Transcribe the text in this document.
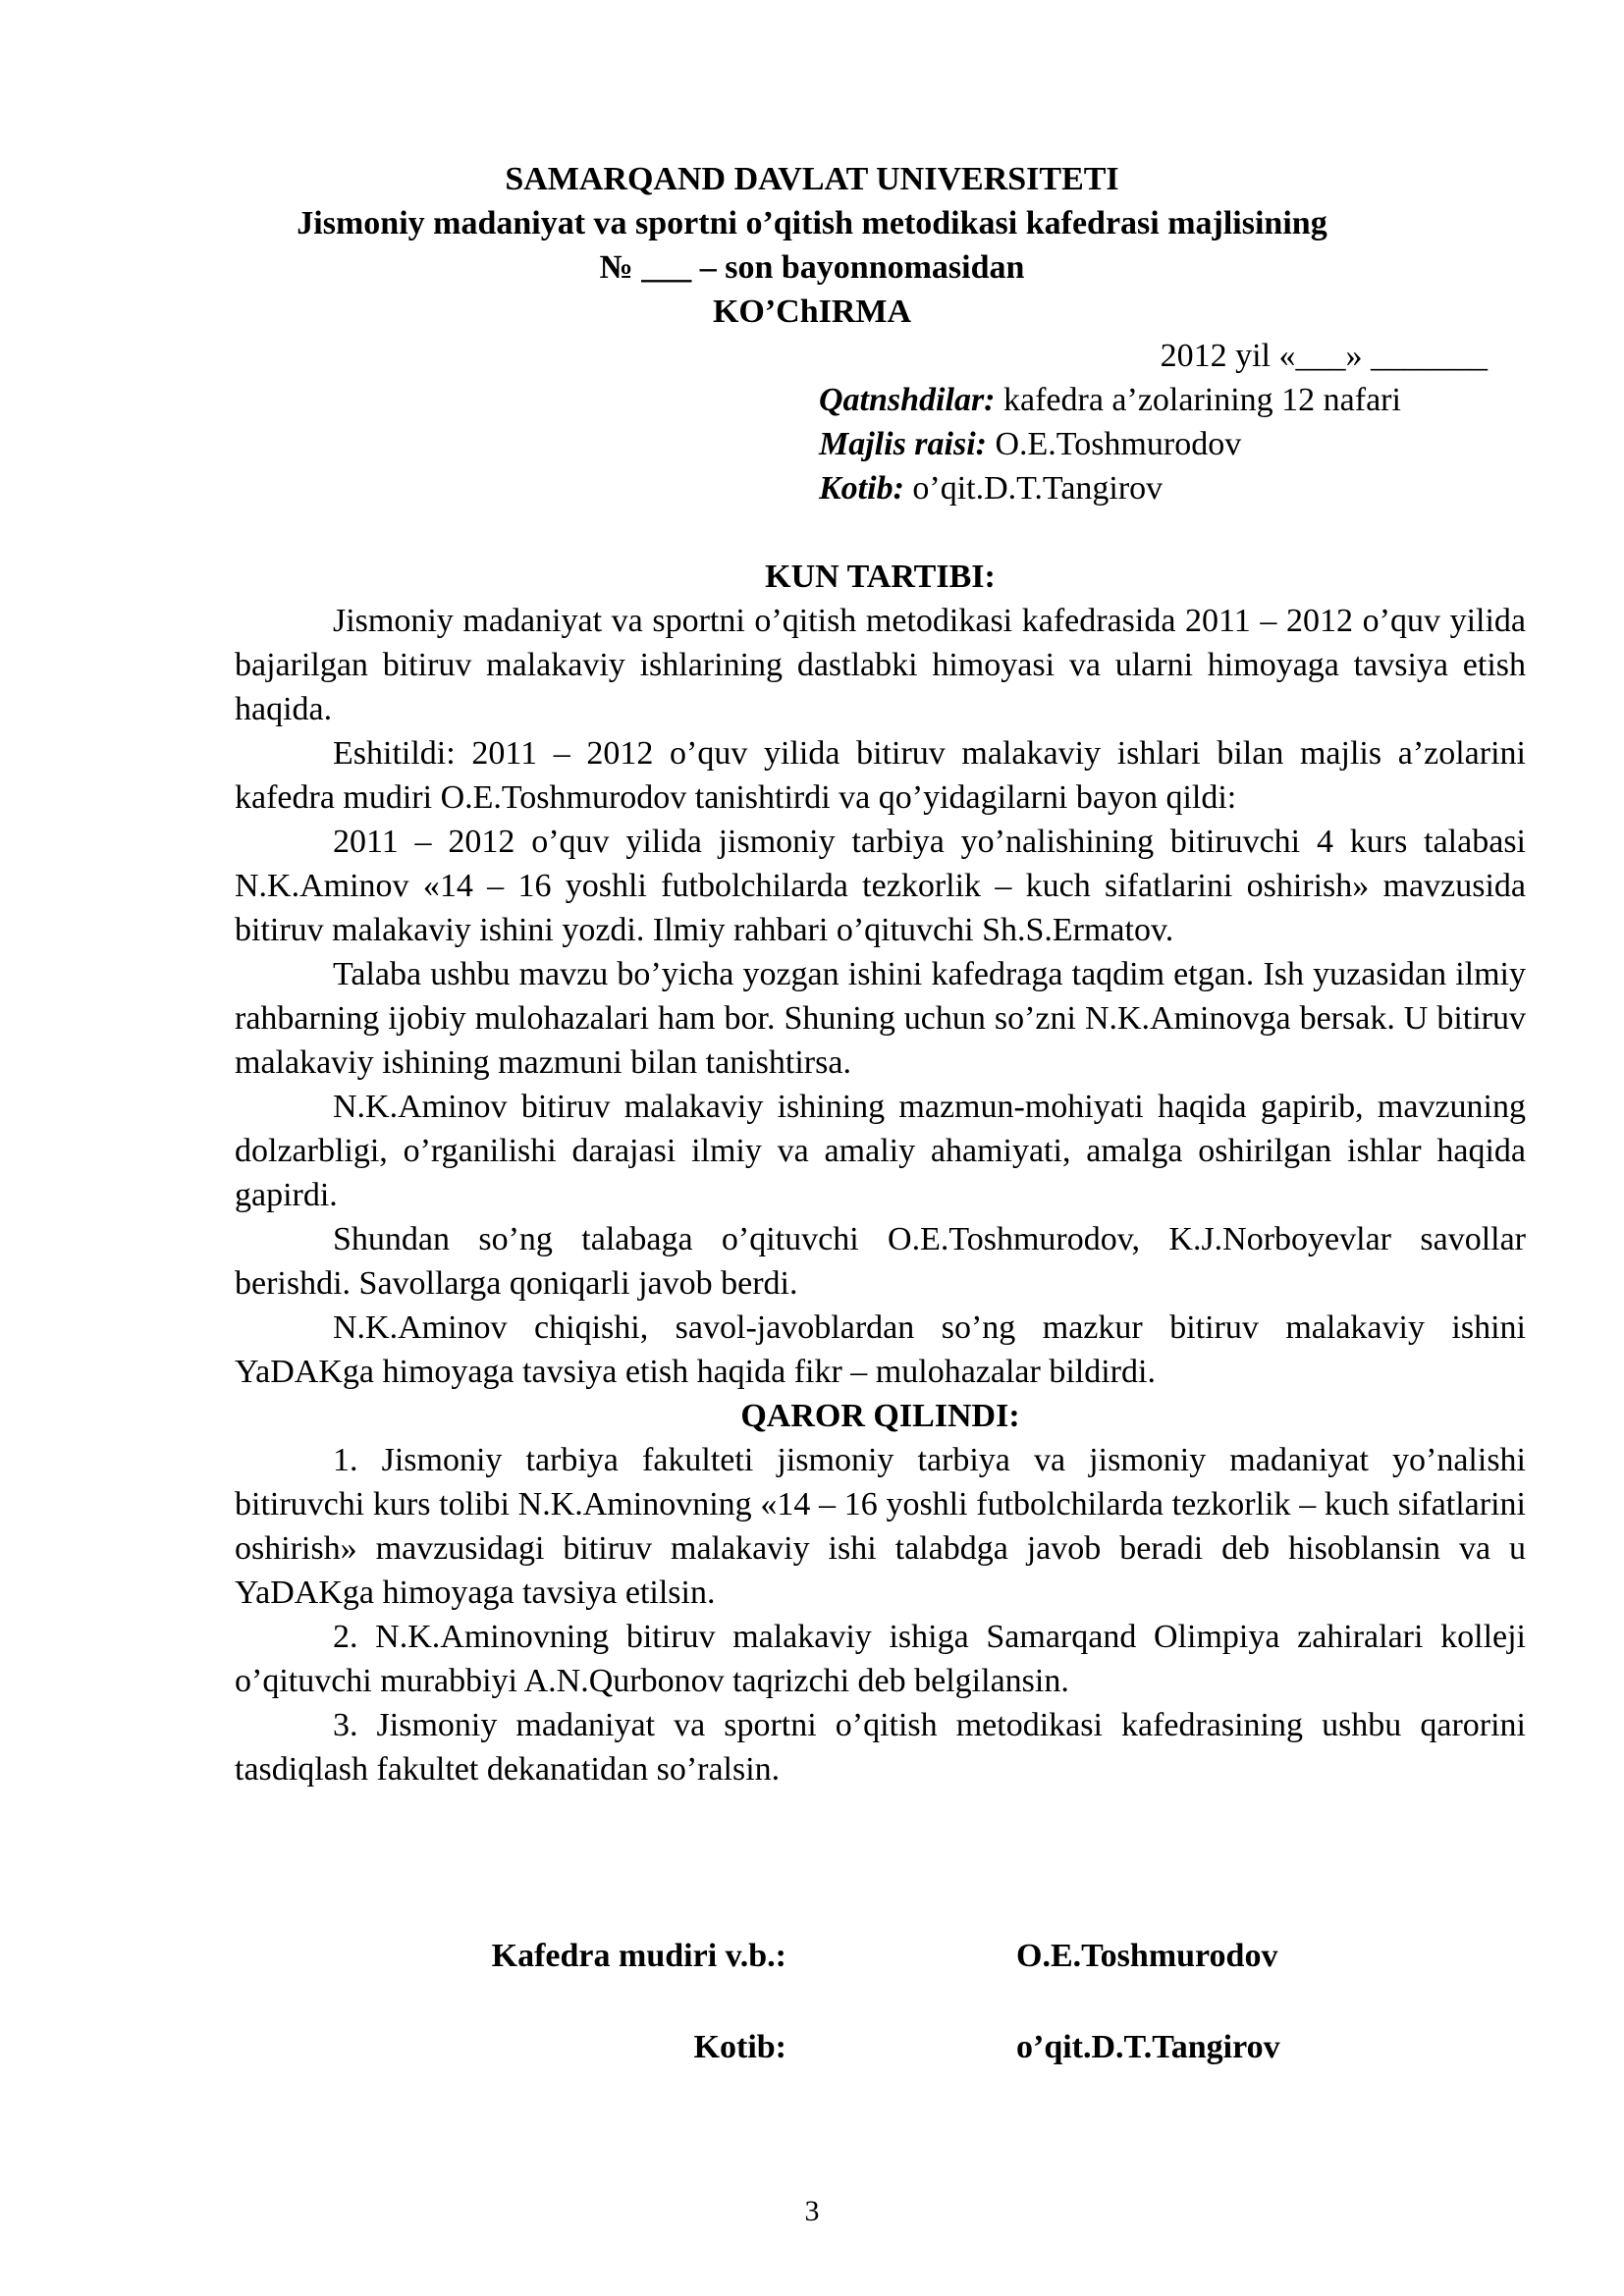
SAMARQAND DAVLAT UNIVERSITETI
Jismoniy madaniyat va sportni o’qitish metodikasi kafedrasi majlisining
№ ___ – son bayonnomasidan
KO’ChIRMA
2012 yil «___» _______
Qatnshdilar: kafedra a’zolarining 12 nafari
Majlis raisi: O.E.Toshmurodov
Kotib: o’qit.D.T.Tangirov
KUN TARTIBI:

Jismoniy madaniyat va sportni o’qitish metodikasi kafedrasida 2011 – 2012 o’quv yilida bajarilgan bitiruv malakaviy ishlarining dastlabki himoyasi va ularni himoyaga tavsiya etish haqida.

Eshitildi: 2011 – 2012 o’quv yilida bitiruv malakaviy ishlari bilan majlis a’zolarini kafedra mudiri O.E.Toshmurodov tanishtirdi va qo’yidagilarni bayon qildi:

2011 – 2012 o’quv yilida jismoniy tarbiya yo’nalishining bitiruvchi 4 kurs talabasi N.K.Aminov «14 – 16 yoshli futbolchilarda tezkorlik – kuch sifatlarini oshirish» mavzusida bitiruv malakaviy ishini yozdi. Ilmiy rahbari o’qituvchi Sh.S.Ermatov.

Talaba ushbu mavzu bo’yicha yozgan ishini kafedraga taqdim etgan. Ish yuzasidan ilmiy rahbarning ijobiy mulohazalari ham bor. Shuning uchun so’zni N.K.Aminovga bersak. U bitiruv malakaviy ishining mazmuni bilan tanishtirsa.

N.K.Aminov bitiruv malakaviy ishining mazmun-mohiyati haqida gapirib, mavzuning dolzarbligi, o’rganilishi darajasi ilmiy va amaliy ahamiyati, amalga oshirilgan ishlar haqida gapirdi.

Shundan so’ng talabaga o’qituvchi O.E.Toshmurodov, K.J.Norboyevlar savollar berishdi. Savollarga qoniqarli javob berdi.

N.K.Aminov chiqishi, savol-javoblardan so’ng mazkur bitiruv malakaviy ishini YaDAKga himoyaga tavsiya etish haqida fikr – mulohazalar bildirdi.

QAROR QILINDI:

1. Jismoniy tarbiya fakulteti jismoniy tarbiya va jismoniy madaniyat yo’nalishi bitiruvchi kurs tolibi N.K.Aminovning «14 – 16 yoshli futbolchilarda tezkorlik – kuch sifatlarini oshirish» mavzusidagi bitiruv malakaviy ishi talabdga javob beradi deb hisoblansin va u YaDAKga himoyaga tavsiya etilsin.

2. N.K.Aminovning bitiruv malakaviy ishiga Samarqand Olimpiya zahiralari kolleji o’qituvchi murabbiyi A.N.Qurbonov taqrizchi deb belgilansin.

3. Jismoniy madaniyat va sportni o’qitish metodikasi kafedrasining ushbu qarorini tasdiqlash fakultet dekanatidan so’ralsin.

Kafedra mudiri v.b.:	O.E.Toshmurodov
Kotib:	o’qit.D.T.Tangirov
3
